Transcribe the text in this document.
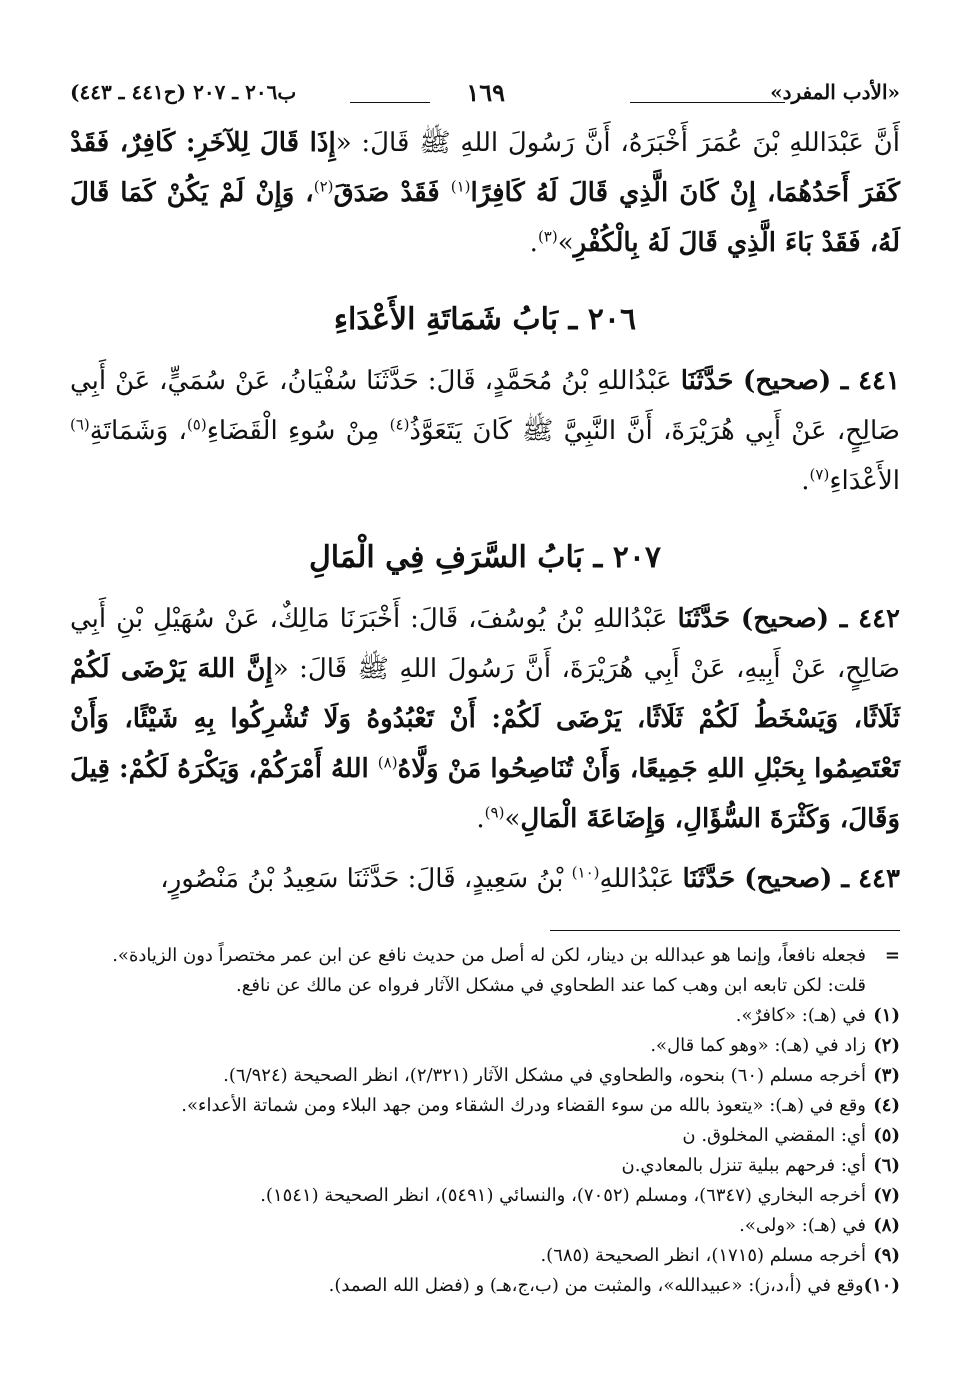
«الأدب المفرد»
١٦٩
ب٢٠٦ ـ ٢٠٧ (ح٤٤١ ـ ٤٤٣)

أَنَّ عَبْدَاللهِ بْنَ عُمَرَ أَخْبَرَهُ، أَنَّ رَسُولَ اللهِ ﷺ قَالَ: «إِذَا قَالَ لِلآخَرِ: كَافِرٌ، فَقَدْ كَفَرَ أَحَدُهُمَا، إِنْ كَانَ الَّذِي قَالَ لَهُ كَافِرًا$^{(١)}$ فَقَدْ صَدَقَ$^{(٢)}$، وَإِنْ لَمْ يَكُنْ كَمَا قَالَ لَهُ، فَقَدْ بَاءَ الَّذِي قَالَ لَهُ بِالْكُفْرِ»$^{(٣)}$.

٢٠٦ ـ بَابُ شَمَاتَةِ الأَعْدَاءِ

٤٤١ ـ (صحيح) حَدَّثَنَا عَبْدُاللهِ بْنُ مُحَمَّدٍ، قَالَ: حَدَّثَنَا سُفْيَانُ، عَنْ سُمَيٍّ، عَنْ أَبِي صَالِحٍ، عَنْ أَبِي هُرَيْرَةَ، أَنَّ النَّبِيَّ ﷺ كَانَ يَتَعَوَّذُ$^{(٤)}$ مِنْ سُوءِ الْقَضَاءِ$^{(٥)}$، وَشَمَاتَةِ$^{(٦)}$ الأَعْدَاءِ$^{(٧)}$.

٢٠٧ ـ بَابُ السَّرَفِ فِي الْمَالِ

٤٤٢ ـ (صحيح) حَدَّثَنَا عَبْدُاللهِ بْنُ يُوسُفَ، قَالَ: أَخْبَرَنَا مَالِكٌ، عَنْ سُهَيْلِ بْنِ أَبِي صَالِحٍ، عَنْ أَبِيهِ، عَنْ أَبِي هُرَيْرَةَ، أَنَّ رَسُولَ اللهِ ﷺ قَالَ: «إِنَّ اللهَ يَرْضَى لَكُمْ ثَلَاثًا، وَيَسْخَطُ لَكُمْ ثَلَاثًا، يَرْضَى لَكُمْ: أَنْ تَعْبُدُوهُ وَلَا تُشْرِكُوا بِهِ شَيْئًا، وَأَنْ تَعْتَصِمُوا بِحَبْلِ اللهِ جَمِيعًا، وَأَنْ تُنَاصِحُوا مَنْ وَلَّاهُ$^{(٨)}$ اللهُ أَمْرَكُمْ، وَيَكْرَهُ لَكُمْ: قِيلَ وَقَالَ، وَكَثْرَةَ السُّؤَالِ، وَإِضَاعَةَ الْمَالِ»$^{(٩)}$.

٤٤٣ ـ (صحيح) حَدَّثَنَا عَبْدُاللهِ$^{(١٠)}$ بْنُ سَعِيدٍ، قَالَ: حَدَّثَنَا سَعِيدُ بْنُ مَنْصُورٍ،

=
فجعله نافعاً، وإنما هو عبدالله بن دينار، لكن له أصل من حديث نافع عن ابن عمر مختصراً دون الزيادة». قلت: لكن تابعه ابن وهب كما عند الطحاوي في مشكل الآثار فرواه عن مالك عن نافع.
(١)
في (هـ): «كافرٌ».
(٢)
زاد في (هـ): «وهو كما قال».
(٣)
أخرجه مسلم (٦٠) بنحوه، والطحاوي في مشكل الآثار (٢/٣٢١)، انظر الصحيحة (٦/٩٢٤).
(٤)
وقع في (هـ): «يتعوذ بالله من سوء القضاء ودرك الشقاء ومن جهد البلاء ومن شماتة الأعداء».
(٥)
أي: المقضي المخلوق. ن
(٦)
أي: فرحهم ببلية تنزل بالمعادي.ن
(٧)
أخرجه البخاري (٦٣٤٧)، ومسلم (٧٠٥٢)، والنسائي (٥٤٩١)، انظر الصحيحة (١٥٤١).
(٨)
في (هـ): «ولى».
(٩)
أخرجه مسلم (١٧١٥)، انظر الصحيحة (٦٨٥).
(١٠)
وقع في (أ،د،ز): «عبيدالله»، والمثبت من (ب،ج،هـ) و (فضل الله الصمد).
